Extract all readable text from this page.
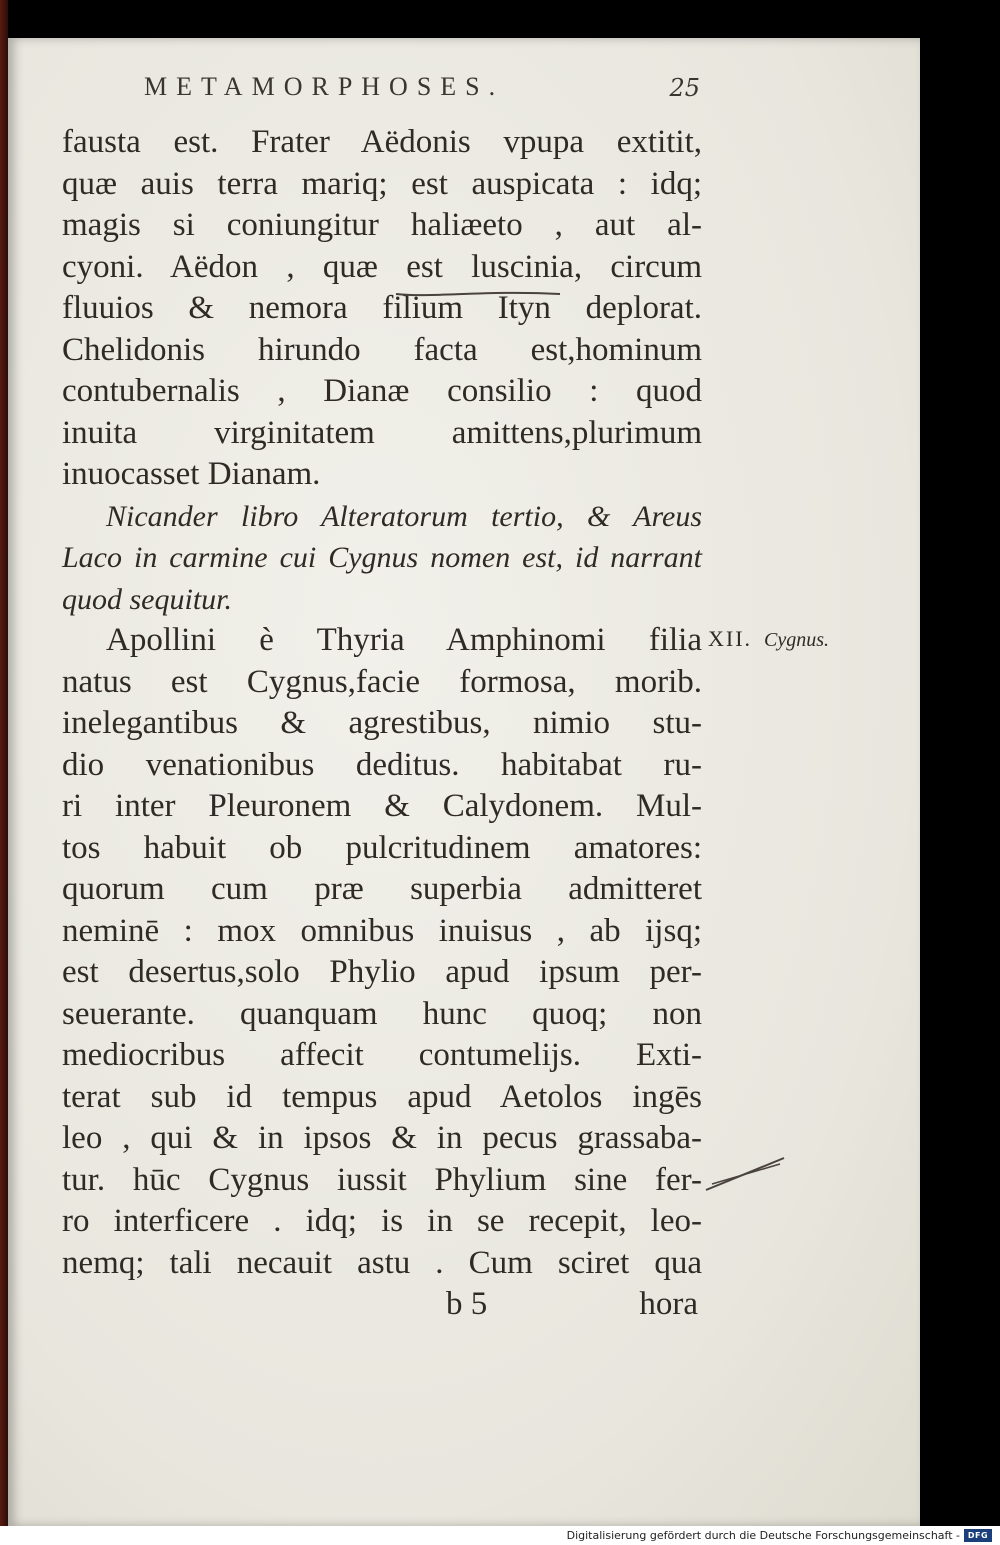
METAMORPHOSES.	25
fausta est. Frater Aëdonis vpupa extitit,
quæ auis terra mariq; est auspicata : idq;
magis si coniungitur haliæeto , aut al-
cyoni. Aëdon , quæ est luscinia, circum
fluuios & nemora filium Ityn deplorat.
Chelidonis hirundo facta est,hominum
contubernalis , Dianæ consilio : quod
inuita virginitatem amittens,plurimum
inuocasset Dianam.
Nicander libro Alteratorum tertio, & Areus
Laco in carmine cui Cygnus nomen est, id narrant
quod sequitur.
Apollini è Thyria Amphinomi filia
natus est Cygnus,facie formosa, morib.
inelegantibus & agrestibus, nimio stu-
dio venationibus deditus. habitabat ru-
ri inter Pleuronem & Calydonem. Mul-
tos habuit ob pulcritudinem amatores:
quorum cum præ superbia admitteret
neminē : mox omnibus inuisus , ab ijsq;
est desertus,solo Phylio apud ipsum per-
seuerante. quanquam hunc quoq; non
mediocribus affecit contumelijs. Exti-
terat sub id tempus apud Aetolos ingēs
leo , qui & in ipsos & in pecus grassaba-
tur. hūc Cygnus iussit Phylium sine fer-
ro interficere . idq; is in se recepit, leo-
nemq; tali necauit astu . Cum sciret qua
XII. Cygnus.
b 5	hora
Digitalisierung gefördert durch die Deutsche Forschungsgemeinschaft - DFG
